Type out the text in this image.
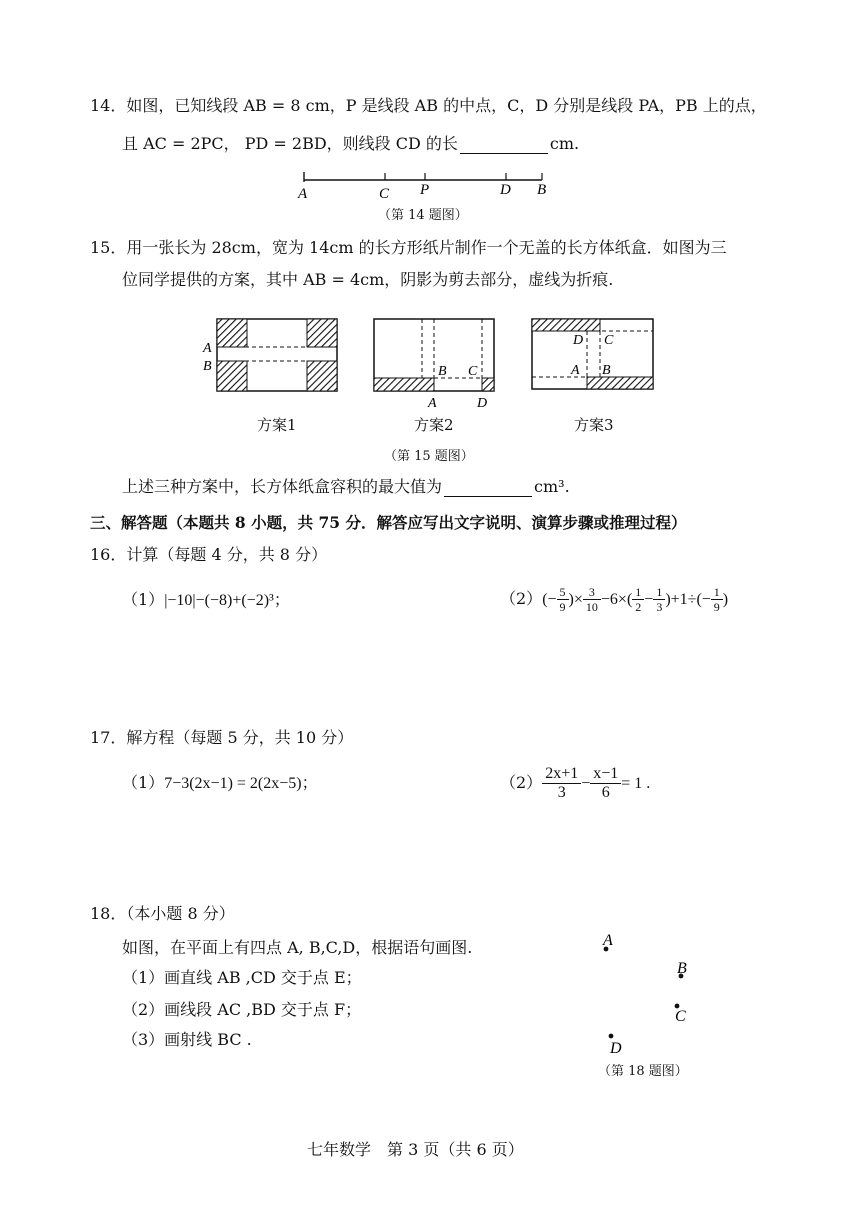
14．如图，已知线段 AB = 8 cm，P 是线段 AB 的中点，C，D 分别是线段 PA，PB 上的点，
且 AC = 2PC， PD = 2BD，则线段 CD 的长	cm.
A	C P	D B
（第 14 题图）
15．用一张长为 28cm，宽为 14cm 的长方形纸片制作一个无盖的长方体纸盒．如图为三
位同学提供的方案，其中 AB = 4cm，阴影为剪去部分，虚线为折痕.
A
B	B C
A	D
D C
A B
方案1	方案2	方案3
（第 15 题图）
上述三种方案中，长方体纸盒容积的最大值为	cm³.
三、解答题（本题共 8 小题，共 75 分．解答应写出文字说明、演算步骤或推理过程）
16．计算（每题 4 分，共 8 分）
（1）|−10|−(−8)+(−2)³；	$(2)(- \frac{5}{9}$ )× $\frac{3}{10} -6\times( \frac{1}{2} - \frac{1}{3} )+1\div(- \frac{1}{9}$ )
17．解方程（每题 5 分，共 10 分）
（1）7−3(2x−1) = 2(2x−5)；	$(2) \frac{2x+1}{3} - \frac{x-1}{6} = 1$ .
18．（本小题 8 分）
如图，在平面上有四点 A, B,C,D，根据语句画图.
（1）画直线 AB ,CD 交于点 E；
（2）画线段 AC ,BD 交于点 F；
（3）画射线 BC .
A
B
C
D
（第 18 题图）
七年数学　第 3 页（共 6 页）
